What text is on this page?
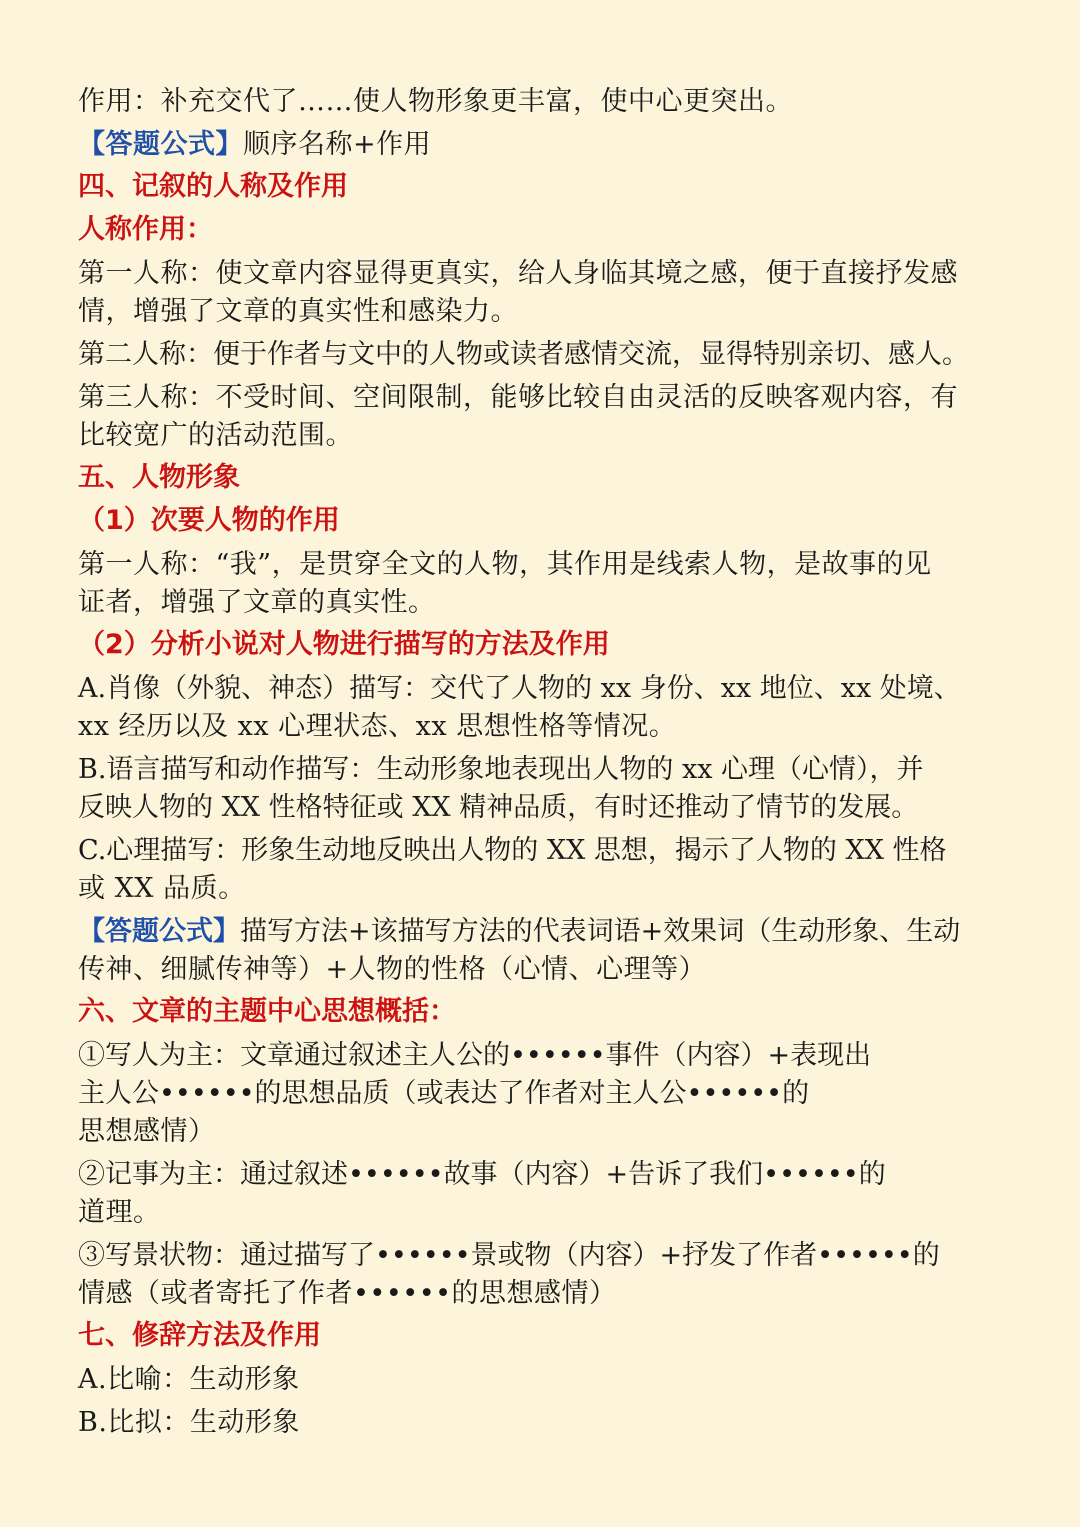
作用：补充交代了……使人物形象更丰富，使中心更突出。

【答题公式】顺序名称+作用

四、记叙的人称及作用
人称作用：

第一人称：使文章内容显得更真实，给人身临其境之感，便于直接抒发感

情，增强了文章的真实性和感染力。

第二人称：便于作者与文中的人物或读者感情交流，显得特别亲切、感人。

第三人称：不受时间、空间限制，能够比较自由灵活的反映客观内容，有

比较宽广的活动范围。

五、人物形象
（1）次要人物的作用

第一人称：“我”，是贯穿全文的人物，其作用是线索人物，是故事的见

证者，增强了文章的真实性。

（2）分析小说对人物进行描写的方法及作用

A.肖像（外貌、神态）描写：交代了人物的 xx 身份、xx 地位、xx 处境、

xx 经历以及 xx 心理状态、xx 思想性格等情况。

B.语言描写和动作描写：生动形象地表现出人物的 xx 心理（心情），并

反映人物的 XX 性格特征或 XX 精神品质，有时还推动了情节的发展。

C.心理描写：形象生动地反映出人物的 XX 思想，揭示了人物的 XX 性格

或 XX 品质。

【答题公式】描写方法+该描写方法的代表词语+效果词（生动形象、生动

传神、细腻传神等）+人物的性格（心情、心理等）

六、文章的主题中心思想概括：

①写人为主：文章通过叙述主人公的••••••事件（内容）+表现出

主人公••••••的思想品质（或表达了作者对主人公••••••的

思想感情）

②记事为主：通过叙述••••••故事（内容）+告诉了我们••••••的

道理。

③写景状物：通过描写了••••••景或物（内容）+抒发了作者••••••的

情感（或者寄托了作者••••••的思想感情）

七、修辞方法及作用

A.比喻：生动形象

B.比拟：生动形象
